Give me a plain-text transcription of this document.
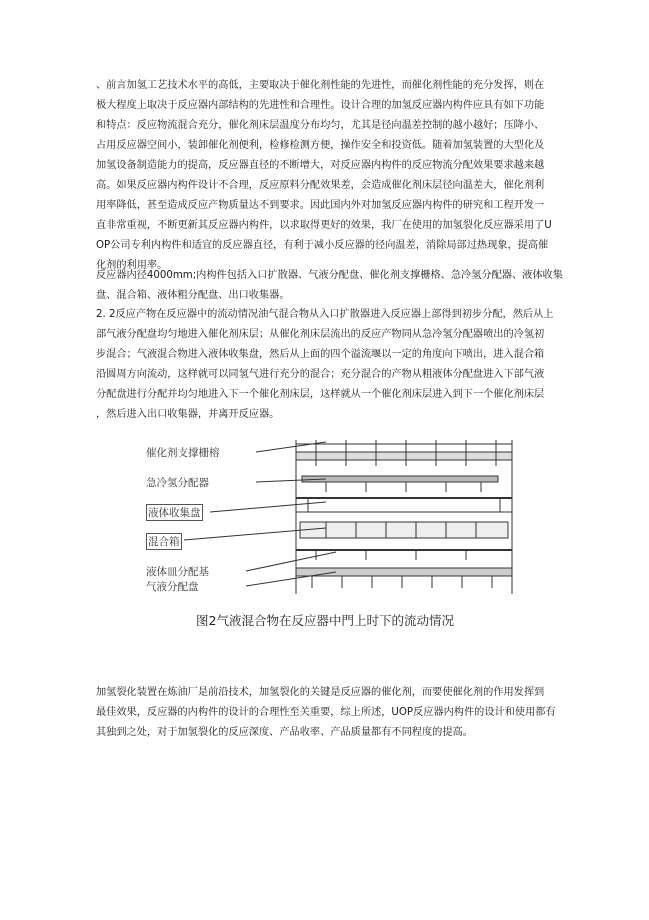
、前言加氢工艺技术水平的高低，主要取决于催化剂性能的先进性，而催化剂性能的充分发挥，则在
极大程度上取决于反应器内部结构的先进性和合理性。设计合理的加氢反应器内构件应具有如下功能
和特点：反应物流混合充分，催化剂床层温度分布均匀，尤其是径向温差控制的越小越好；压降小、
占用反应器空间小，装卸催化剂便利，检修检测方便，操作安全和投资低。随着加氢装置的大型化及
加氢设备制造能力的提高，反应器直径的不断增大，对反应器内构件的反应物流分配效果要求越来越
高。如果反应器内构件设计不合理，反应原料分配效果差，会造成催化剂床层径向温差大，催化剂利
用率降低，甚至造成反应产物质量达不到要求。因此国内外对加氢反应器内构件的研究和工程开发一
直非常重视，不断更新其反应器内构件，以求取得更好的效果，我厂在使用的加氢裂化反应器采用了U
OP公司专利内构件和适宜的反应器直径，有利于减小反应器的径向温差，消除局部过热现象，提高催
化剂的利用率。
反应器内径4000mm;内构件包括入口扩散器、气液分配盘、催化剂支撑栅格、急冷氢分配器、液体收集
盘、混合箱、液体粗分配盘、出口收集器。
2. 2反应产物在反应器中的流动情况油气混合物从入口扩散器进入反应器上部得到初步分配，然后从上
部气液分配盘均匀地进入催化剂床层；从催化剂床层流出的反应产物同从急冷氢分配器喷出的冷氢初
步混合；气液混合物进入液体收集盘，然后从上面的四个溢流堰以一定的角度向下喷出，进入混合箱
沿圆周方向流动，这样就可以同氢气进行充分的混合；充分混合的产物从粗液体分配盘进入下部气液
分配盘进行分配并均匀地进入下一个催化剂床层，这样就从一个催化剂床层进入到下一个催化剂床层
，然后进入出口收集器，并离开反应器。
催化剂支撑栅榕
急冷氢分配器
液体收集盘
混合箱
液体皿分配基
气液分配盘
图2气液混合物在反应器中門上时下的流动情况
加氢裂化装置在炼油厂是前沿技术，加氢裂化的关键是反应器的催化剂，而要使催化剂的作用发挥到
最佳效果，反应器的内构件的设计的合理性至关重要，综上所述，UOP反应器内构件的设计和使用都有
其独到之处，对于加氢裂化的反应深度、产品收率、产品质量都有不同程度的提高。
